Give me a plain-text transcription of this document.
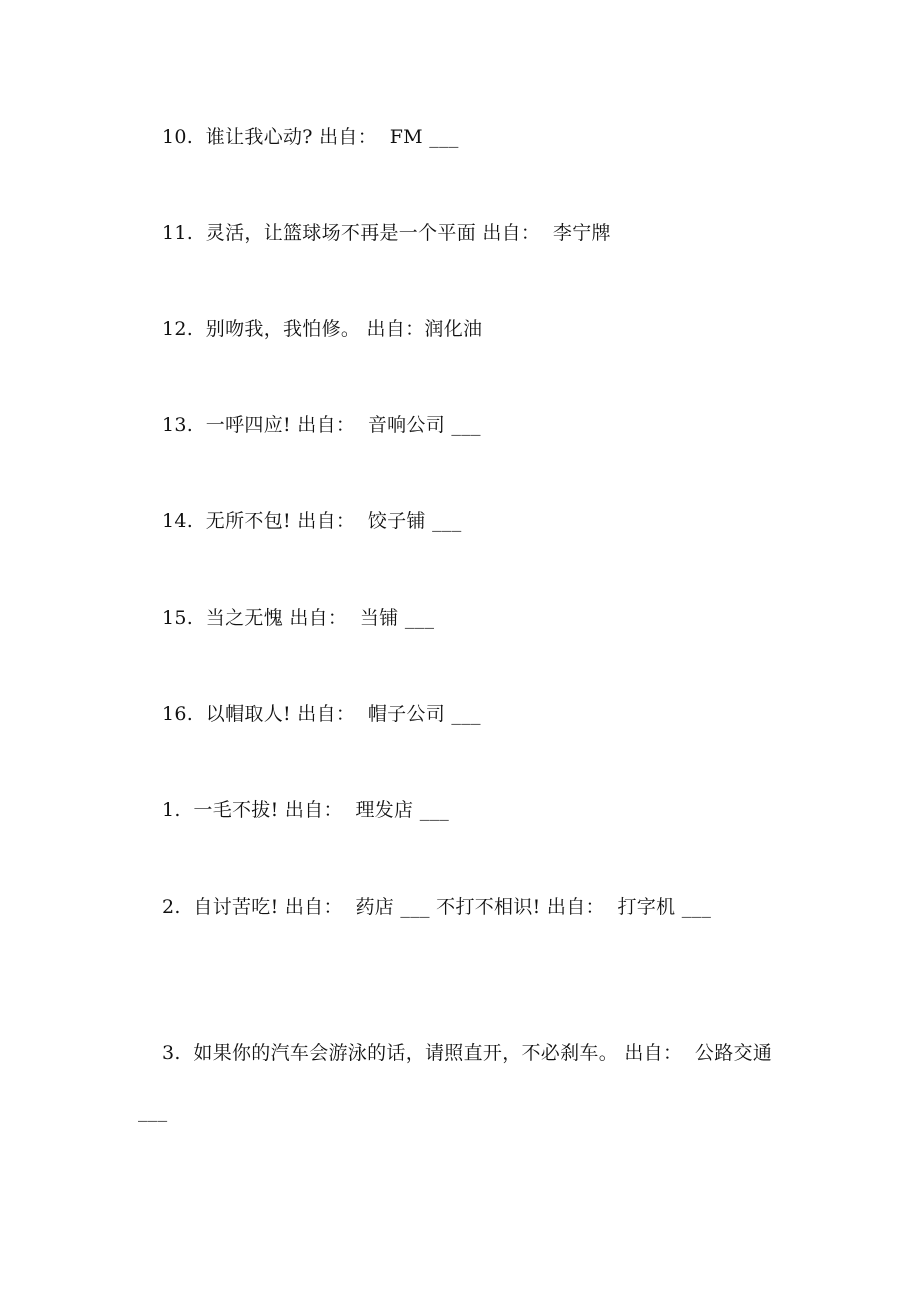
10.  谁让我心动? 出自：  FM ___

11.  灵活，让篮球场不再是一个平面 出自：  李宁牌

12.  别吻我，我怕修。 出自：润化油

13.  一呼四应! 出自：  音响公司 ___

14.  无所不包! 出自：  饺子铺 ___

15.  当之无愧 出自：  当铺 ___

16.  以帽取人! 出自：  帽子公司 ___

1.  一毛不拔! 出自：  理发店 ___

2.  自讨苦吃! 出自：  药店 ___ 不打不相识! 出自：  打字机 ___

3.  如果你的汽车会游泳的话，请照直开，不必刹车。 出自：  公路交通 ___
